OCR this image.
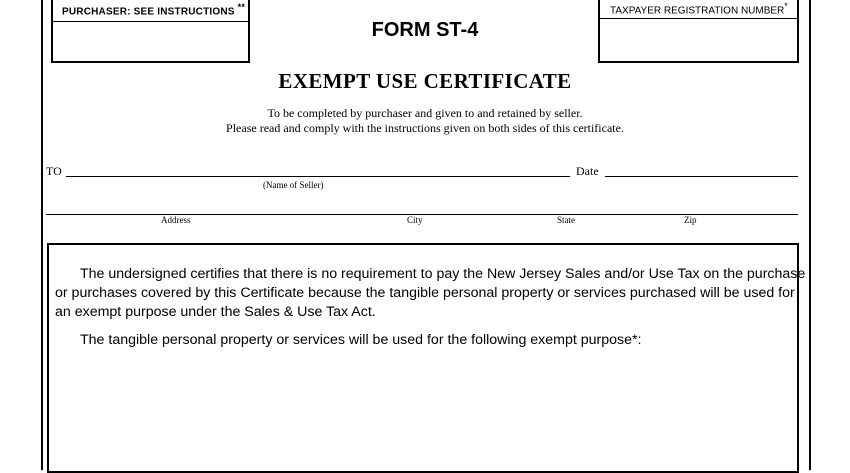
PURCHASER: SEE INSTRUCTIONS **
FORM ST-4
TAXPAYER REGISTRATION NUMBER*
EXEMPT USE CERTIFICATE
To be completed by purchaser and given to and retained by seller.
Please read and comply with the instructions given on both sides of this certificate.
TO	Date
(Name of Seller)
Address	City	State	Zip
The undersigned certifies that there is no requirement to pay the New Jersey Sales and/or Use Tax on the purchase
or purchases covered by this Certificate because the tangible personal property or services purchased will be used for
an exempt purpose under the Sales & Use Tax Act.
The tangible personal property or services will be used for the following exempt purpose*:
